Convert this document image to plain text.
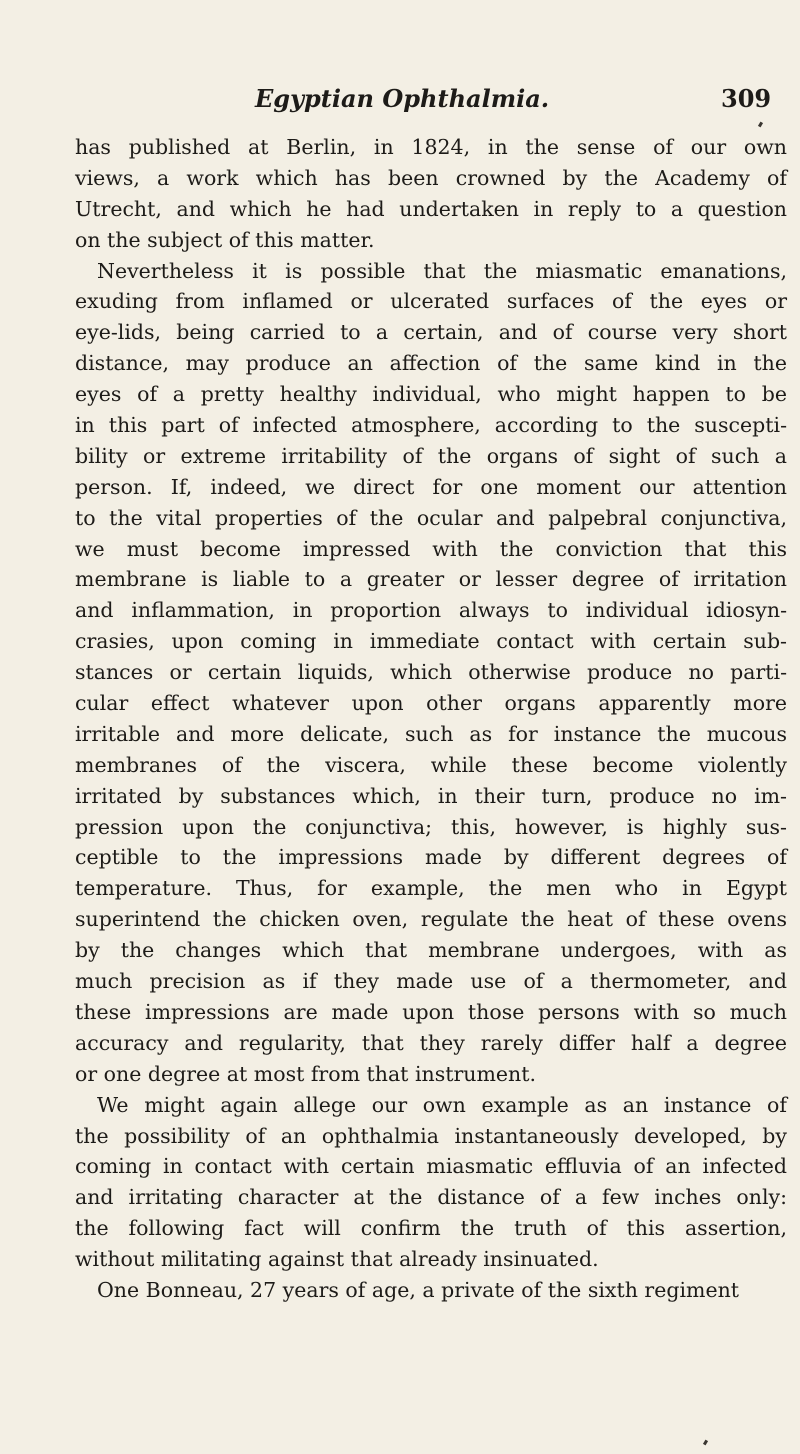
Egyptian Ophthalmia.	309
has published at Berlin, in 1824, in the sense of our own
views, a work which has been crowned by the Academy of
Utrecht, and which he had undertaken in reply to a question
on the subject of this matter.
Nevertheless it is possible that the miasmatic emanations,
exuding from inflamed or ulcerated surfaces of the eyes or
eye-lids, being carried to a certain, and of course very short
distance, may produce an affection of the same kind in the
eyes of a pretty healthy individual, who might happen to be
in this part of infected atmosphere, according to the suscepti-
bility or extreme irritability of the organs of sight of such a
person. If, indeed, we direct for one moment our attention
to the vital properties of the ocular and palpebral conjunctiva,
we must become impressed with the conviction that this
membrane is liable to a greater or lesser degree of irritation
and inflammation, in proportion always to individual idiosyn-
crasies, upon coming in immediate contact with certain sub-
stances or certain liquids, which otherwise produce no parti-
cular effect whatever upon other organs apparently more
irritable and more delicate, such as for instance the mucous
membranes of the viscera, while these become violently
irritated by substances which, in their turn, produce no im-
pression upon the conjunctiva; this, however, is highly sus-
ceptible to the impressions made by different degrees of
temperature. Thus, for example, the men who in Egypt
superintend the chicken oven, regulate the heat of these ovens
by the changes which that membrane undergoes, with as
much precision as if they made use of a thermometer, and
these impressions are made upon those persons with so much
accuracy and regularity, that they rarely differ half a degree
or one degree at most from that instrument.
We might again allege our own example as an instance of
the possibility of an ophthalmia instantaneously developed, by
coming in contact with certain miasmatic effluvia of an infected
and irritating character at the distance of a few inches only:
the following fact will confirm the truth of this assertion,
without militating against that already insinuated.
One Bonneau, 27 years of age, a private of the sixth regiment
